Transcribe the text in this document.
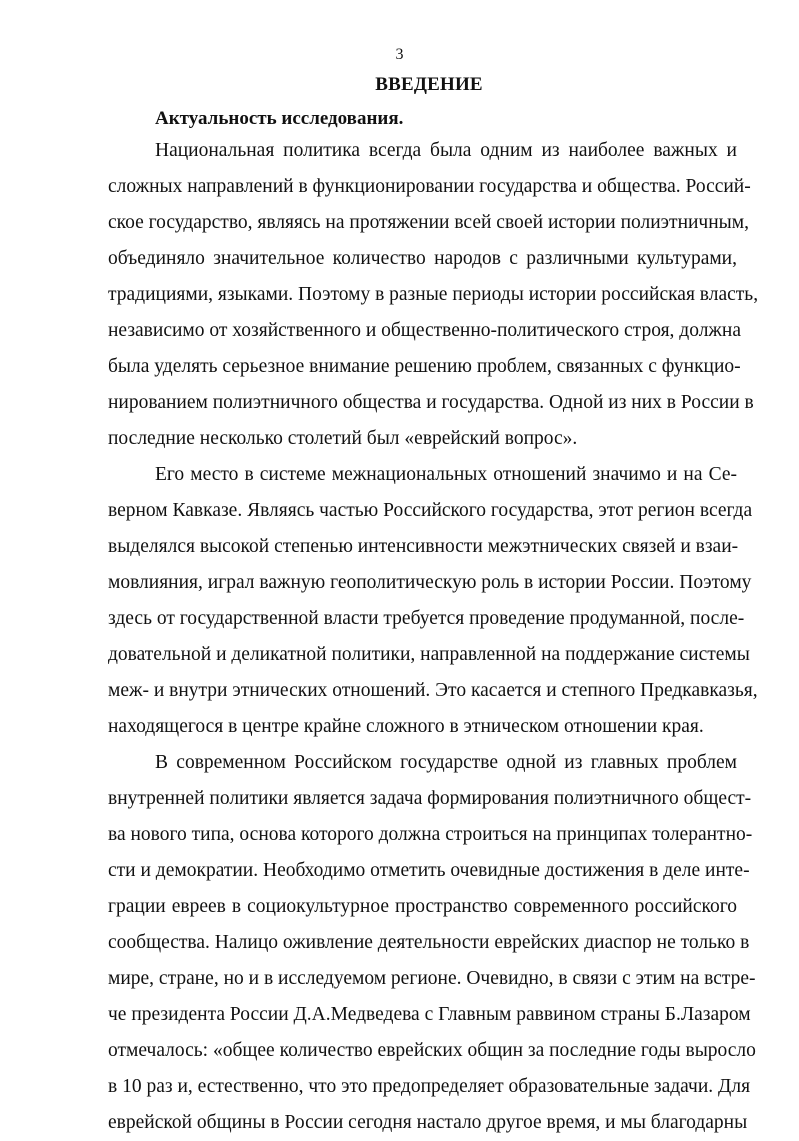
3
ВВЕДЕНИЕ
Актуальность исследования.
Национальная политика всегда была одним из наиболее важных и
сложных направлений в функционировании государства и общества. Россий-
ское государство, являясь на протяжении всей своей истории полиэтничным,
объединяло значительное количество народов с различными культурами,
традициями, языками. Поэтому в разные периоды истории российская власть,
независимо от хозяйственного и общественно-политического строя, должна
была уделять серьезное внимание решению проблем, связанных с функцио-
нированием полиэтничного общества и государства. Одной из них в России в
последние несколько столетий был «еврейский вопрос».
Его место в системе межнациональных отношений значимо и на Се-
верном Кавказе. Являясь частью Российского государства, этот регион всегда
выделялся высокой степенью интенсивности межэтнических связей и взаи-
мовлияния, играл важную геополитическую роль в истории России. Поэтому
здесь от государственной власти требуется проведение продуманной, после-
довательной и деликатной политики, направленной на поддержание системы
меж- и внутри этнических отношений. Это касается и степного Предкавказья,
находящегося в центре крайне сложного в этническом отношении края.
В современном Российском государстве одной из главных проблем
внутренней политики является задача формирования полиэтничного общест-
ва нового типа, основа которого должна строиться на принципах толерантно-
сти и демократии. Необходимо отметить очевидные достижения в деле инте-
грации евреев в социокультурное пространство современного российского
сообщества. Налицо оживление деятельности еврейских диаспор не только в
мире, стране, но и в исследуемом регионе. Очевидно, в связи с этим на встре-
че президента России Д.А.Медведева с Главным раввином страны Б.Лазаром
отмечалось: «общее количество еврейских общин за последние годы выросло
в 10 раз и, естественно, что это предопределяет образовательные задачи. Для
еврейской общины в России сегодня настало другое время, и мы благодарны
